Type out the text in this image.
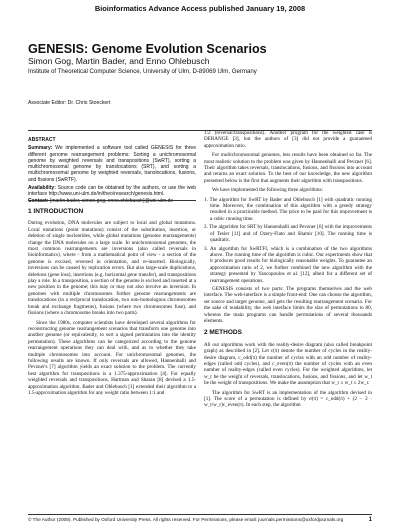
Bioinformatics Advance Access published January 19, 2008
GENESIS: Genome Evolution Scenarios
Simon Gog, Martin Bader, and Enno Ohlebusch
Institute of Theoretical Computer Science, University of Ulm, D-89069 Ulm, Germany
Associate Editor: Dr. Chris Stoeckert
ABSTRACT
Summary: We implemented a software tool called GENESIS for three different genome rearrangement problems: Sorting a unichromosomal genome by weighted reversals and transpositions (SwRT), sorting a multichromosomal genome by translocations (SRT), and sorting a multichromosomal genome by weighted reversals, translocations, fusions, and fissions (SwRTF).
Availability: Source code can be obtained by the authors, or use the web interface http://www.uni-ulm.de/in/theo/research/genesis.html.
Contact: {martin.bader, simon.gog, enno.ohlebusch}@uni-ulm.de
1 INTRODUCTION

During evolution, DNA molecules are subject to local and global mutations. Local mutations (point mutations) consist of the substitution, insertion, or deletion of single nucleotides, while global mutations (genome rearrangements) change the DNA molecules on a large scale. In unichromosomal genomes, the most common rearrangements are inversions (also called reversals in bioinformatics), where - from a mathematical point of view - a section of the genome is excised, reversed in orientation, and re-inserted. Biologically, inversions can be caused by replication errors. But also large-scale duplications, deletions (gene loss), insertions (e.g. horizontal gene transfer), and transpositions play a role. In a transposition, a section of the genome is excised and inserted at a new position in the genome; this may or may not also involve an inversion. In genomes with multiple chromosomes further genome rearrangements are translocations (in a reciprocal translocation, two non-homologous chromosomes break and exchange fragments), fusions (where two chromosomes fuse), and fissions (where a chromosome breaks into two parts).

Since the 1980s, computer scientists have developed several algorithms for reconstructing genome rearrangement scenarios that transform one genome into another genome (or equivalently, to sort a signed permutation into the identity permutation). These algorithms can be categorized according to the genome rearrangement operations they can deal with, and as to whether they take multiple chromosomes into account. For unichromosomal genomes, the following results are known. If only reversals are allowed, Hannenhalli and Pevzner's [7] algorithm yields an exact solution to the problem. The currently best algorithm for transpositions is a 1.375-approximation [4]. For equally weighted reversals and transpositions, Hartman and Sharan [8] devised a 1.5-approximation algorithm. Bader and Ohlebusch [1] extended their algorithm to a 1.5-approximation algorithm for any weight ratio between 1:1 and

1:2 (reversal:transpositions). Another program for the weighted case is DERANGE [3], but the authors of [3] did not provide a guaranteed approximation ratio.

For multichromosomal genomes, less results have been obtained so far. The most realistic solution to the problem was given by Hannenhalli and Pevzner [6]. Their algorithm takes reversals, translocations, fusions, and fissions into account and returns an exact solution. To the best of our knowledge, the new algorithm presented below is the first that augments their algorithm with transpositions.

We have implemented the following three algorithms:

1. The algorithm for SwRT by Bader and Ohlebusch [1] with quadratic running time. Moreover, the combination of this algorithm with a greedy strategy resulted in a practicable method. The price to be paid for this improvement is a cubic running time.
2. The algorithm for SRT by Hannenhalli and Pevzner [6] with the improvements of Tesler [11] and of Ozery-Flato and Shamir [10]. The running time is quadratic.
3. An algorithm for SwRTFI, which is a combination of the two algorithms above. The running time of the algorithm is cubic. Our experiments show that it produces good results for biologically reasonable weights. To guarantee an approximation ratio of 2, we further combined the new algorithm with the strategy presented by Yancopoulos et al. [12], albeit for a different set of rearrangement operations.

GENESIS consists of two parts: The programs themselves and the web interface. The web-interface is a simple front-end: One can choose the algorithm, set source and target genome, and gets the resulting rearrangement scenario. For the sake of readability, the web interface limits the size of permutations to 80, whereas the main programs can handle permutations of several thousands elements.

2 METHODS

All our algorithms work with the reality-desire diagram (also called breakpoint graph) as described in [2]. Let c(π) denote the number of cycles in the reality-desire diagram, c_odd(π) the number of cycles with an odd number of reality-edges (called odd cycles), and c_even(π) the number of cycles with an even number of reality-edges (called even cycles). For the weighted algorithms, let w_r be the weight of reversals, translocations, fusions, and fissions, and let w_t be the weight of transpositions. We make the assumption that w_r ≤ w_t ≤ 2w_r.

The algorithm for SwRT is an implementation of the algorithm devised in [1]. The score of a permutation is defined by σ(π) = c_odd(π) + (2 − 2 · w_t/w_r)c_even(π). In each step, the algorithm

© The Author (2008). Published by Oxford University Press. All rights reserved. For Permissions, please email: journals.permissions@oxfordjournals.org	1
